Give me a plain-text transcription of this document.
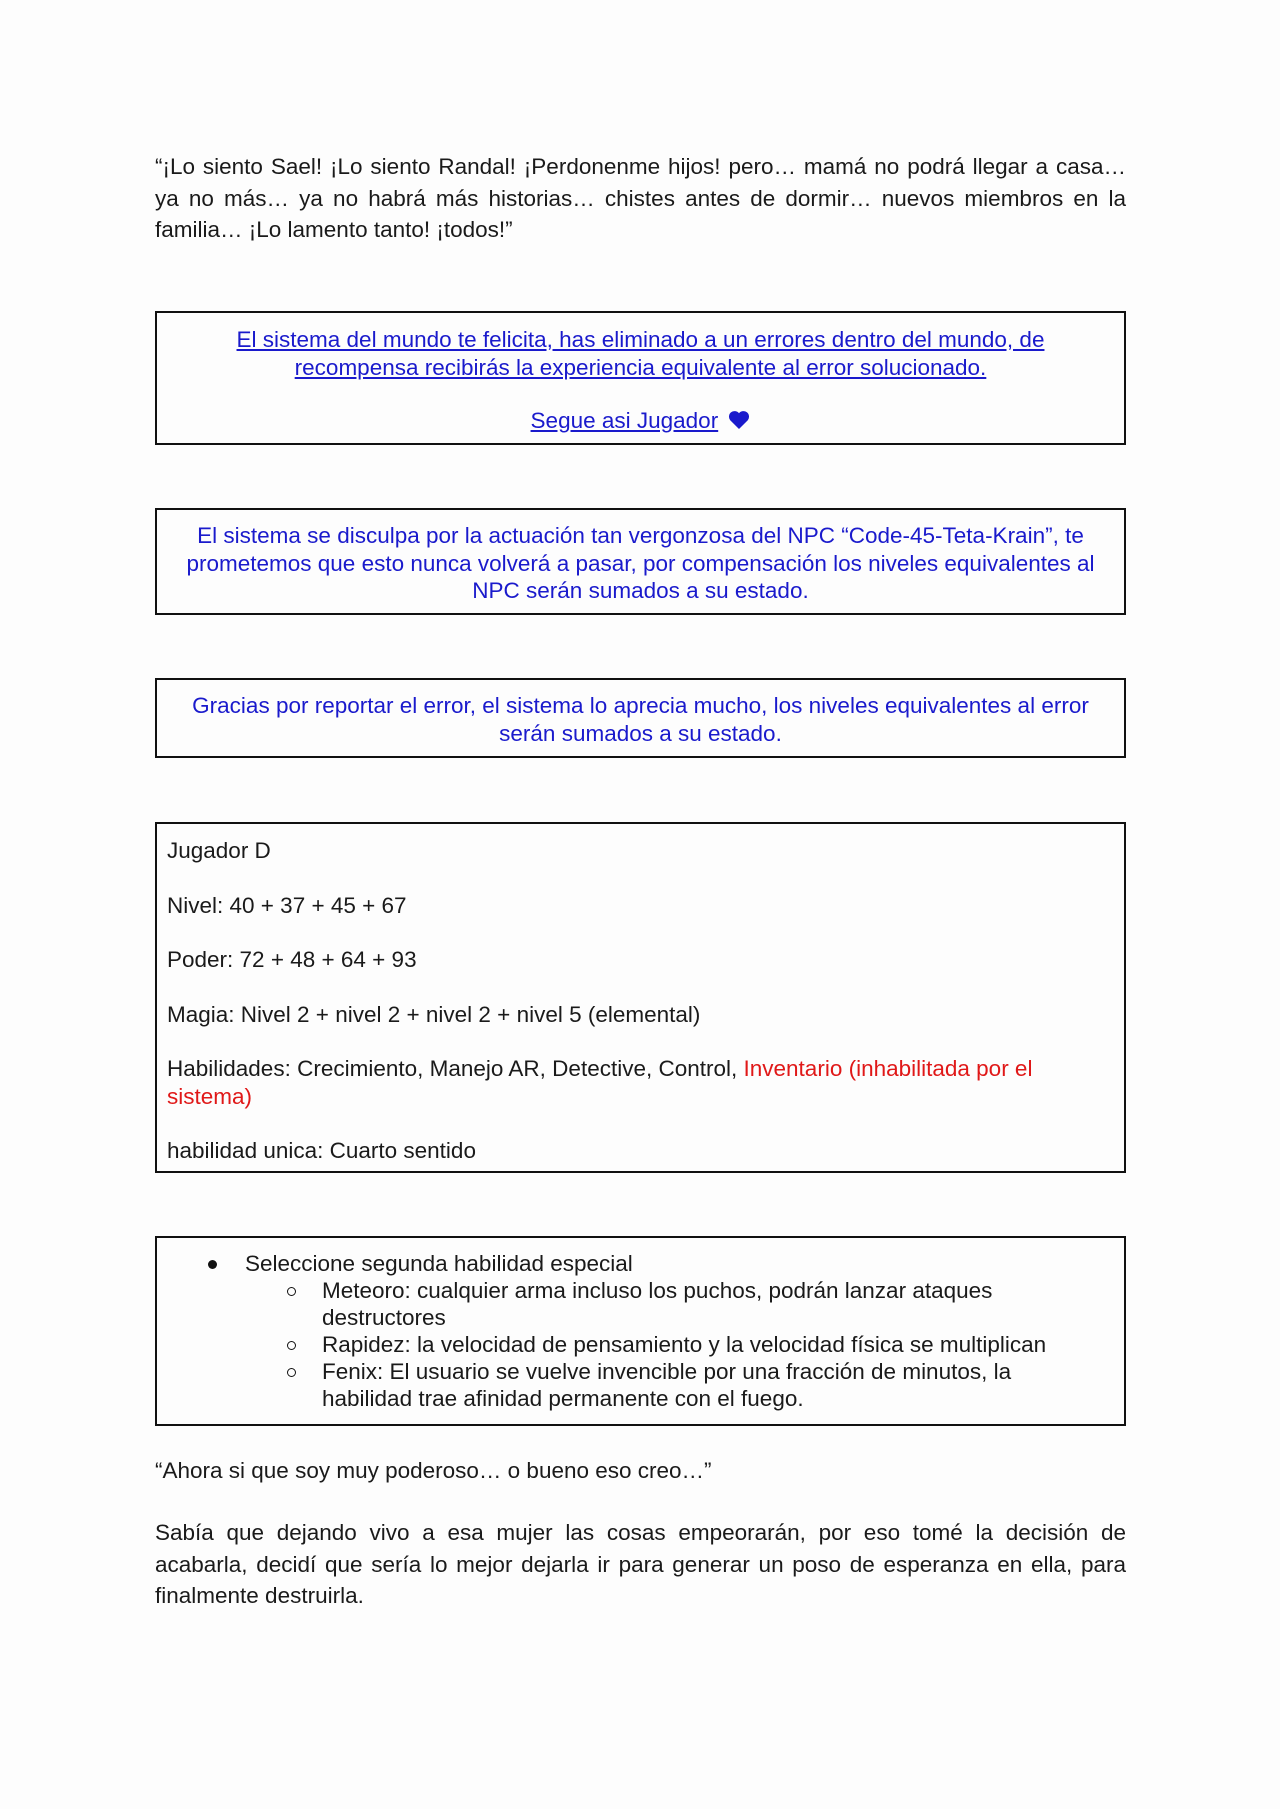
“¡Lo siento Sael! ¡Lo siento Randal! ¡Perdonenme hijos! pero… mamá no podrá llegar a casa… ya no más… ya no habrá más historias… chistes antes de dormir… nuevos miembros en la familia… ¡Lo lamento tanto! ¡todos!”

El sistema del mundo te felicita, has eliminado a un errores dentro del mundo, de
recompensa recibirás la experiencia equivalente al error solucionado.

Segue asi Jugador

El sistema se disculpa por la actuación tan vergonzosa del NPC “Code-45-Teta-Krain”, te prometemos que esto nunca volverá a pasar, por compensación los niveles equivalentes al NPC serán sumados a su estado.

Gracias por reportar el error, el sistema lo aprecia mucho, los niveles equivalentes al error serán sumados a su estado.

Jugador D

Nivel: 40 + 37 + 45 + 67

Poder: 72 + 48 + 64 + 93

Magia: Nivel 2 + nivel 2 + nivel 2 + nivel 5 (elemental)

Habilidades: Crecimiento, Manejo AR, Detective, Control, Inventario (inhabilitada por el sistema)

habilidad unica: Cuarto sentido

Seleccione segunda habilidad especial
Meteoro: cualquier arma incluso los puchos, podrán lanzar ataques destructores
Rapidez: la velocidad de pensamiento y la velocidad física se multiplican
Fenix: El usuario se vuelve invencible por una fracción de minutos, la habilidad trae afinidad permanente con el fuego.

“Ahora si que soy muy poderoso… o bueno eso creo…”

Sabía que dejando vivo a esa mujer las cosas empeorarán, por eso tomé la decisión de acabarla, decidí que sería lo mejor dejarla ir para generar un poso de esperanza en ella, para finalmente destruirla.
